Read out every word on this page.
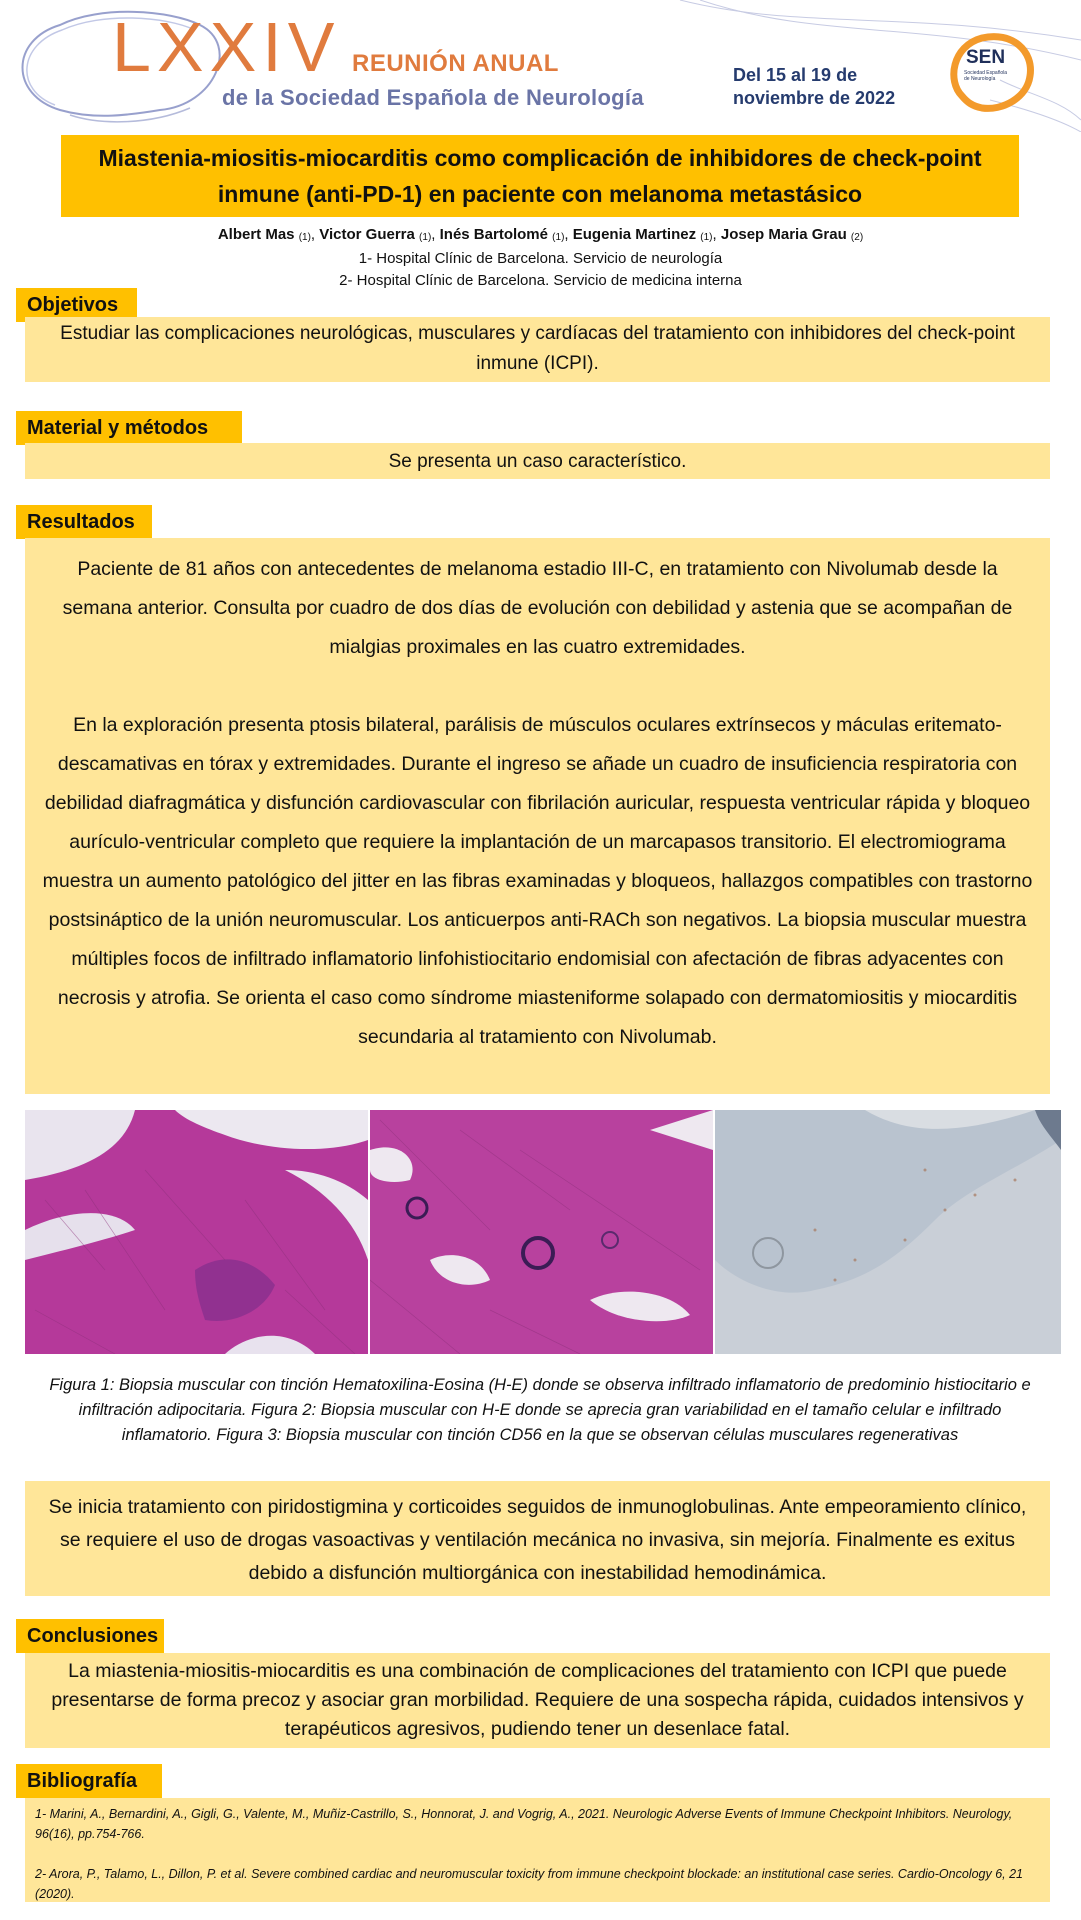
LXXIV REUNIÓN ANUAL
de la Sociedad Española de Neurología
Del 15 al 19 de
noviembre de 2022
SEN
Sociedad Española de Neurología
Miastenia-miositis-miocarditis como complicación de inhibidores de check-point inmune (anti-PD-1) en paciente con melanoma metastásico
Albert Mas $_{(1)}$, Victor Guerra $_{(1)}$, Inés Bartolomé $_{(1)}$, Eugenia Martinez $_{(1)}$, Josep Maria Grau $_{(2)}$
1- Hospital Clínic de Barcelona. Servicio de neurología
2- Hospital Clínic de Barcelona. Servicio de medicina interna
Objetivos
Estudiar las complicaciones neurológicas, musculares y cardíacas del tratamiento con inhibidores del check-point inmune (ICPI).
Material y métodos
Se presenta un caso característico.
Resultados

Paciente de 81 años con antecedentes de melanoma estadio III-C, en tratamiento con Nivolumab desde la semana anterior. Consulta por cuadro de dos días de evolución con debilidad y astenia que se acompañan de mialgias proximales en las cuatro extremidades.

En la exploración presenta ptosis bilateral, parálisis de músculos oculares extrínsecos y máculas eritemato-descamativas en tórax y extremidades. Durante el ingreso se añade un cuadro de insuficiencia respiratoria con debilidad diafragmática y disfunción cardiovascular con fibrilación auricular, respuesta ventricular rápida y bloqueo aurículo-ventricular completo que requiere la implantación de un marcapasos transitorio. El electromiograma muestra un aumento patológico del jitter en las fibras examinadas y bloqueos, hallazgos compatibles con trastorno postsináptico de la unión neuromuscular. Los anticuerpos anti-RACh son negativos. La biopsia muscular muestra múltiples focos de infiltrado inflamatorio linfohistiocitario endomisial con afectación de fibras adyacentes con necrosis y atrofia. Se orienta el caso como síndrome miasteniforme solapado con dermatomiositis y miocarditis secundaria al tratamiento con Nivolumab.

Figura 1: Biopsia muscular con tinción Hematoxilina-Eosina (H-E) donde se observa infiltrado inflamatorio de predominio histiocitario e infiltración adipocitaria. Figura 2: Biopsia muscular con H-E donde se aprecia gran variabilidad en el tamaño celular e infiltrado inflamatorio. Figura 3: Biopsia muscular con tinción CD56 en la que se observan células musculares regenerativas
Se inicia tratamiento con piridostigmina y corticoides seguidos de inmunoglobulinas. Ante empeoramiento clínico, se requiere el uso de drogas vasoactivas y ventilación mecánica no invasiva, sin mejoría. Finalmente es exitus debido a disfunción multiorgánica con inestabilidad hemodinámica.
Conclusiones
La miastenia-miositis-miocarditis es una combinación de complicaciones del tratamiento con ICPI que puede presentarse de forma precoz y asociar gran morbilidad. Requiere de una sospecha rápida, cuidados intensivos y terapéuticos agresivos, pudiendo tener un desenlace fatal.
Bibliografía
1- Marini, A., Bernardini, A., Gigli, G., Valente, M., Muñiz-Castrillo, S., Honnorat, J. and Vogrig, A., 2021. Neurologic Adverse Events of Immune Checkpoint Inhibitors. Neurology, 96(16), pp.754-766.
2- Arora, P., Talamo, L., Dillon, P. et al. Severe combined cardiac and neuromuscular toxicity from immune checkpoint blockade: an institutional case series. Cardio-Oncology 6, 21 (2020).
